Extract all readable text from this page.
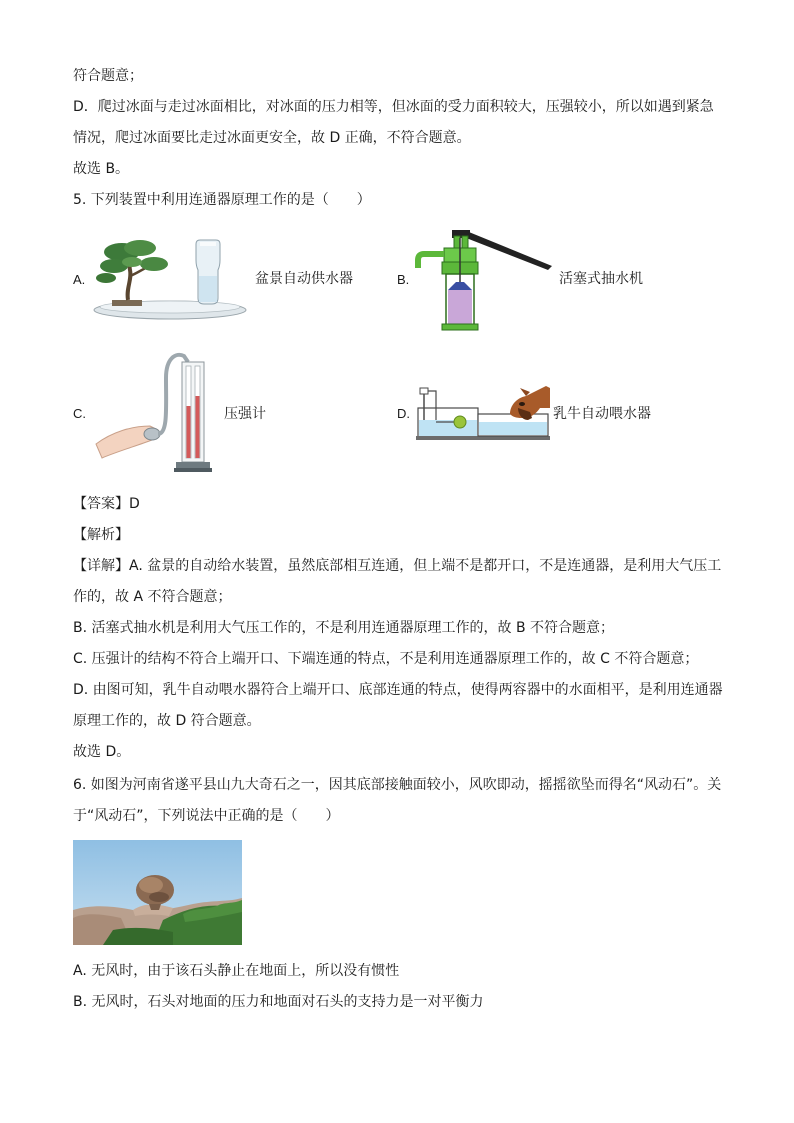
符合题意；
D．爬过冰面与走过冰面相比，对冰面的压力相等，但冰面的受力面积较大，压强较小，所以如遇到紧急
情况，爬过冰面要比走过冰面更安全，故 D 正确，不符合题意。
故选 B。
5. 下列装置中利用连通器原理工作的是（　　）
A.	盆景自动供水器	B.	活塞式抽水机
C.	压强计	D.	乳牛自动喂水器
【答案】D
【解析】
【详解】A. 盆景的自动给水装置，虽然底部相互连通，但上端不是都开口，不是连通器，是利用大气压工
作的，故 A 不符合题意；
B. 活塞式抽水机是利用大气压工作的，不是利用连通器原理工作的，故 B 不符合题意；
C. 压强计的结构不符合上端开口、下端连通的特点，不是利用连通器原理工作的，故 C 不符合题意；
D. 由图可知，乳牛自动喂水器符合上端开口、底部连通的特点，使得两容器中的水面相平，是利用连通器
原理工作的，故 D 符合题意。
故选 D。
6. 如图为河南省遂平县山九大奇石之一，因其底部接触面较小，风吹即动，摇摇欲坠而得名“风动石”。关
于“风动石”，下列说法中正确的是（　　）
A. 无风时，由于该石头静止在地面上，所以没有惯性
B. 无风时，石头对地面的压力和地面对石头的支持力是一对平衡力
